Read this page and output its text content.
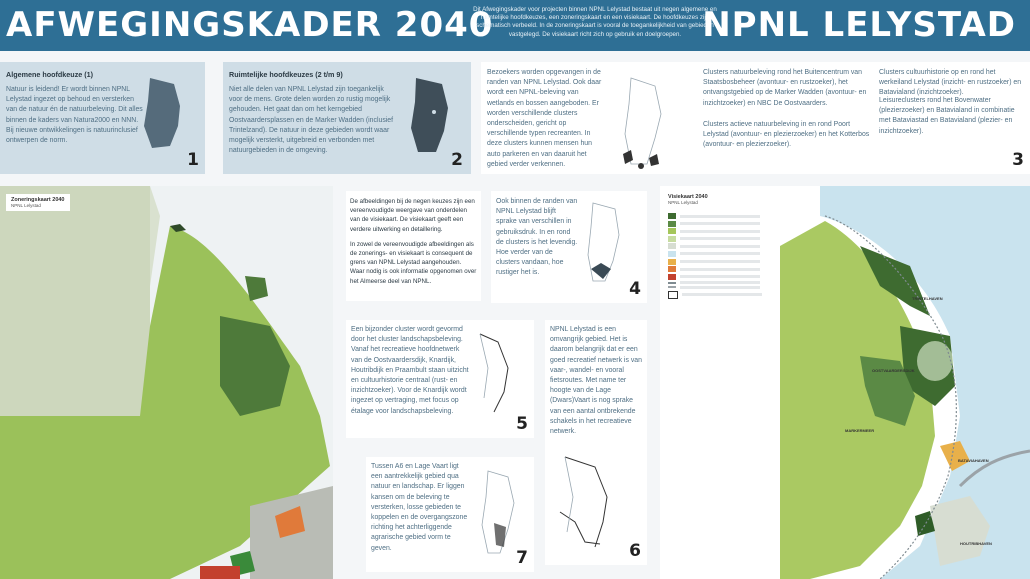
AFWEGINGSKADER 2040
Dit Afwegingskader voor projecten binnen NPNL Lelystad bestaat uit negen algemene en ruimtelijke hoofdkeuzes, een zoneringskaart en een visiekaart. De hoofdkeuzes zijn schematisch verbeeld. In de zoneringskaart is vooral de toegankelijkheid van gebieden vastgelegd. De visiekaart richt zich op gebruik en doelgroepen. NPNL LELYSTAD
Algemene hoofdkeuze (1)

Natuur is leidend! Er wordt binnen NPNL Lelystad ingezet op behoud en versterken van de natuur én de natuurbeleving. Dit alles binnen de kaders van Natura2000 en NNN. Bij nieuwe ontwikkelingen is natuurinclusief ontwerpen de norm.

1
Ruimtelijke hoofdkeuzes (2 t/m 9)

Niet alle delen van NPNL Lelystad zijn toegankelijk voor de mens. Grote delen worden zo rustig mogelijk gehouden. Het gaat dan om het kerngebied Oostvaardersplassen en de Marker Wadden (inclusief Trintelzand). De natuur in deze gebieden wordt waar mogelijk versterkt, uitgebreid en verbonden met natuurgebieden in de omgeving.	2

Bezoekers worden opgevangen in de randen van NPNL Lelystad. Ook daar wordt een NPNL-beleving van wetlands en bossen aangeboden. Er worden verschillende clusters onderscheiden, gericht op verschillende typen recreanten. In deze clusters kunnen mensen hun auto parkeren en van daaruit het gebied verder verkennen.

Clusters natuurbeleving rond het Buitencentrum van Staatsbosbeheer (avontuur- en rustzoeker), het ontvangstgebied op de Marker Wadden (avontuur- en inzichtzoeker) en NBC De Oostvaarders.

Clusters actieve natuurbeleving in en rond Poort Lelystad (avontuur- en plezierzoeker) en het Kotterbos (avontuur- en plezierzoeker).

Clusters cultuurhistorie op en rond het werkeiland Lelystad (inzicht- en rustzoeker) en Batavialand (inzichtzoeker).

Leisureclusters rond het Bovenwater (plezierzoeker) en Batavialand in combinatie met Bataviastad en Batavialand (plezier- en inzichtzoeker).

3
Zoneringskaart 2040
NPNL Lelystad

De afbeeldingen bij de negen keuzes zijn een vereenvoudigde weergave van onderdelen van de visiekaart. De visiekaart geeft een verdere uitwerking en detaillering.

In zowel de vereenvoudigde afbeeldingen als de zonerings- en visiekaart is consequent de grens van NPNL Lelystad aangehouden. Waar nodig is ook informatie opgenomen over het Almeerse deel van NPNL.

Ook binnen de randen van NPNL Lelystad blijft sprake van verschillen in gebruiksdruk. In en rond de clusters is het levendig. Hoe verder van de clusters vandaan, hoe rustiger het is.

4

Een bijzonder cluster wordt gevormd door het cluster landschapsbeleving. Vanaf het recreatieve hoofdnetwerk van de Oostvaardersdijk, Knardijk, Houtribdijk en Praambult staan uitzicht en cultuurhistorie centraal (rust- en inzichtzoeker). Voor de Knardijk wordt ingezet op vertraging, met focus op étalage voor landschapsbeleving.

5

NPNL Lelystad is een omvangrijk gebied. Het is daarom belangrijk dat er een goed recreatief netwerk is van vaar-, wandel- en vooral fietsroutes. Met name ter hoogte van de Lage (Dwars)Vaart is nog sprake van een aantal ontbrekende schakels in het recreatieve netwerk.

6

Tussen A6 en Lage Vaart ligt een aantrekkelijk gebied qua natuur en landschap. Er liggen kansen om de beleving te versterken, losse gebieden te koppelen en de overgangszone richting het achterliggende agrarische gebied vorm te geven.	7
Visiekaart 2040
NPNL Lelystad
TRINTELHAVEN
OOSTVAARDERSDIJK
MARKERMEER
BATAVIAHAVEN
HOUTRIBHAVEN
